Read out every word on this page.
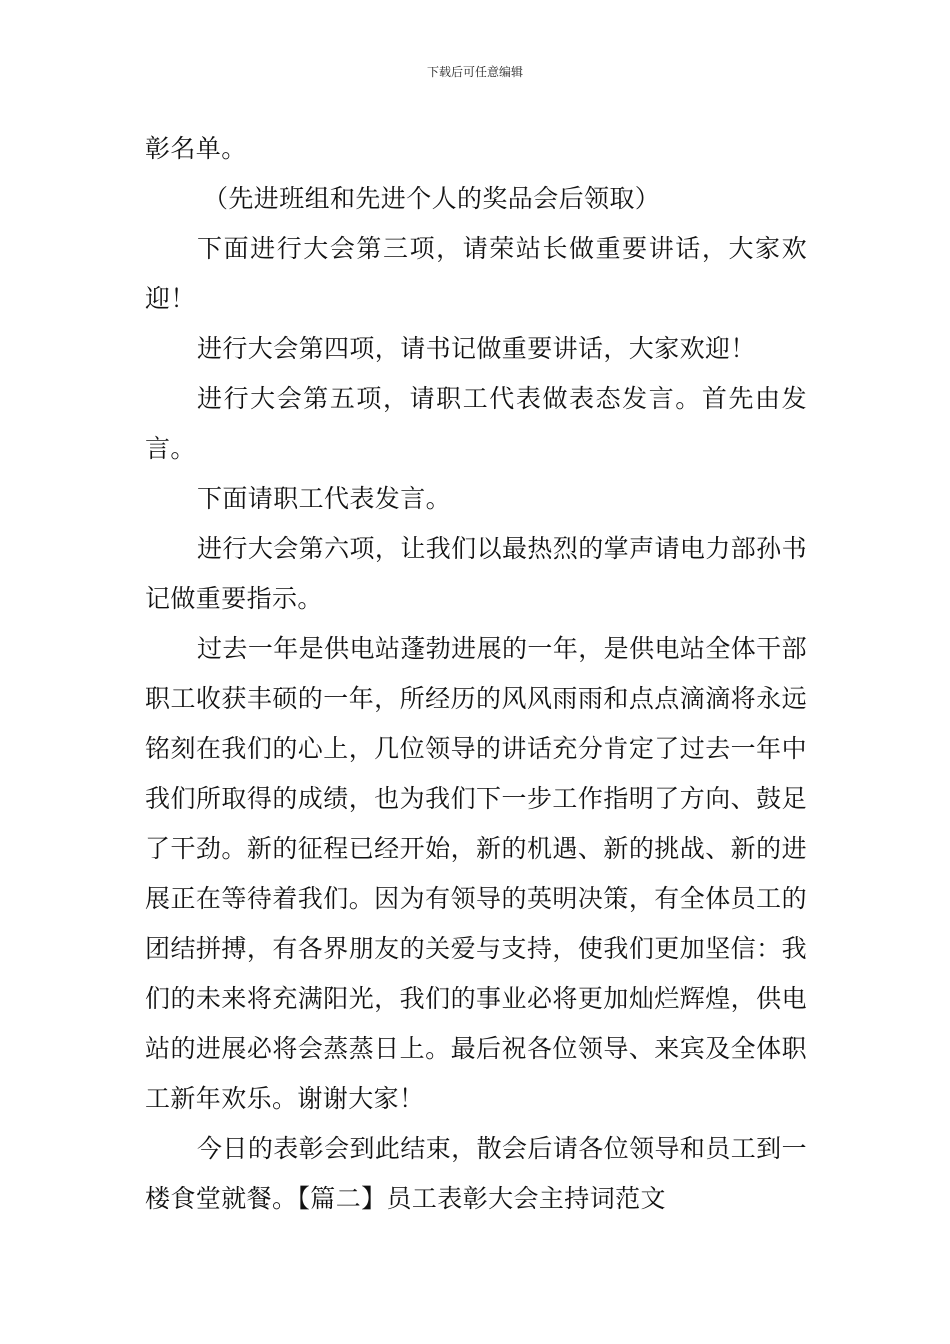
下载后可任意编辑

彰名单。

（先进班组和先进个人的奖品会后领取）

下面进行大会第三项，请荣站长做重要讲话，大家欢迎！

进行大会第四项，请书记做重要讲话，大家欢迎！

进行大会第五项，请职工代表做表态发言。首先由发言。

下面请职工代表发言。

进行大会第六项，让我们以最热烈的掌声请电力部孙书记做重要指示。

过去一年是供电站蓬勃进展的一年，是供电站全体干部职工收获丰硕的一年，所经历的风风雨雨和点点滴滴将永远铭刻在我们的心上，几位领导的讲话充分肯定了过去一年中我们所取得的成绩，也为我们下一步工作指明了方向、鼓足了干劲。新的征程已经开始，新的机遇、新的挑战、新的进展正在等待着我们。因为有领导的英明决策，有全体员工的团结拼搏，有各界朋友的关爱与支持，使我们更加坚信：我们的未来将充满阳光，我们的事业必将更加灿烂辉煌，供电站的进展必将会蒸蒸日上。最后祝各位领导、来宾及全体职工新年欢乐。谢谢大家！

今日的表彰会到此结束，散会后请各位领导和员工到一楼食堂就餐。【篇二】员工表彰大会主持词范文
